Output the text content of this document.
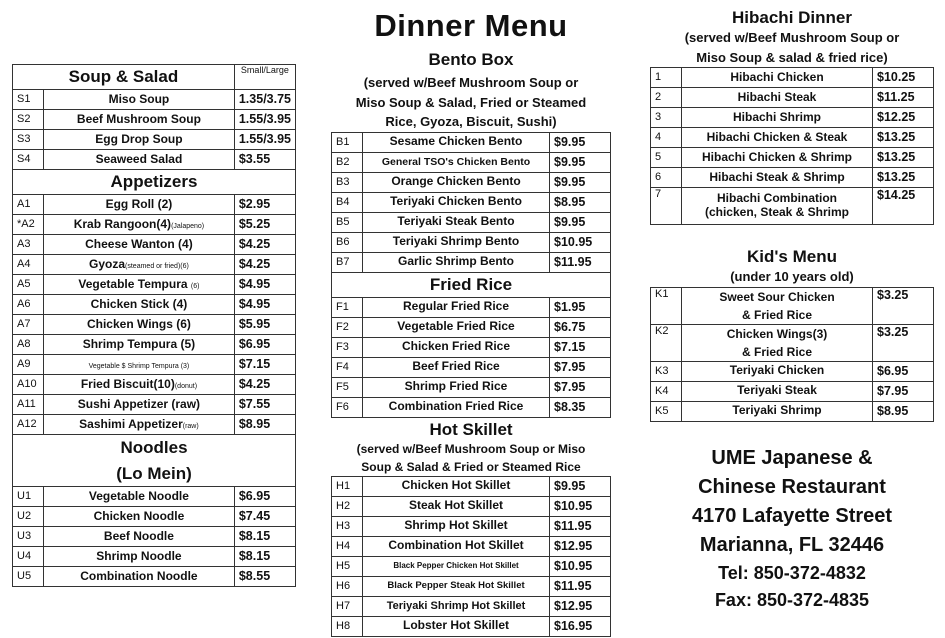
Soup & Salad		Small/Large
S1	Miso Soup	1.35/3.75
S2	Beef Mushroom Soup	1.55/3.95
S3	Egg Drop Soup	1.55/3.95
S4	Seaweed Salad	$3.55
Appetizers		
A1	Egg Roll (2)	$2.95
*A2	Krab Rangoon(4)(Jalapeno)	$5.25
A3	Cheese Wanton (4)	$4.25
A4	Gyoza(steamed or fried)(6)	$4.25
A5	Vegetable Tempura (6)	$4.95
A6	Chicken Stick (4)	$4.95
A7	Chicken Wings (6)	$5.95
A8	Shrimp Tempura (5)	$6.95
A9	Vegetable $ Shrimp Tempura (3)	$7.15
A10	Fried Biscuit(10)(donut)	$4.25
A11	Sushi Appetizer (raw)	$7.55
A12	Sashimi Appetizer(raw)	$8.95
Noodles
(Lo Mein)		
U1	Vegetable Noodle	$6.95
U2	Chicken Noodle	$7.45
U3	Beef Noodle	$8.15
U4	Shrimp Noodle	$8.15
U5	Combination Noodle	$8.55
Dinner Menu
Bento Box
(served w/Beef Mushroom Soup or
Miso Soup & Salad, Fried or Steamed
Rice, Gyoza, Biscuit, Sushi)
B1	Sesame Chicken Bento	$9.95
B2	General TSO's Chicken Bento	$9.95
B3	Orange Chicken Bento	$9.95
B4	Teriyaki Chicken Bento	$8.95
B5	Teriyaki Steak Bento	$9.95
B6	Teriyaki Shrimp Bento	$10.95
B7	Garlic Shrimp Bento	$11.95
Fried Rice		
F1	Regular Fried Rice	$1.95
F2	Vegetable Fried Rice	$6.75
F3	Chicken Fried Rice	$7.15
F4	Beef Fried Rice	$7.95
F5	Shrimp Fried Rice	$7.95
F6	Combination Fried Rice	$8.35
Hot Skillet
(served w/Beef Mushroom Soup or Miso
Soup & Salad & Fried or Steamed Rice
H1	Chicken Hot Skillet	$9.95
H2	Steak Hot Skillet	$10.95
H3	Shrimp Hot Skillet	$11.95
H4	Combination Hot Skillet	$12.95
H5	Black Pepper Chicken Hot Skillet	$10.95
H6	Black Pepper Steak Hot Skillet	$11.95
H7	Teriyaki Shrimp Hot Skillet	$12.95
H8	Lobster Hot Skillet	$16.95
Hibachi Dinner
(served w/Beef Mushroom Soup or
Miso Soup & salad & fried rice)
1	Hibachi Chicken	$10.25
2	Hibachi Steak	$11.25
3	Hibachi Shrimp	$12.25
4	Hibachi Chicken & Steak	$13.25
5	Hibachi Chicken & Shrimp	$13.25
6	Hibachi Steak & Shrimp	$13.25
7	Hibachi Combination
(chicken, Steak & Shrimp	$14.25
Kid's Menu
(under 10 years old)
K1	Sweet Sour Chicken
& Fried Rice	$3.25
K2	Chicken Wings(3)
& Fried Rice	$3.25
K3	Teriyaki Chicken	$6.95
K4	Teriyaki Steak	$7.95
K5	Teriyaki Shrimp	$8.95
UME Japanese &
Chinese Restaurant
4170 Lafayette Street
Marianna, FL 32446
Tel: 850-372-4832
Fax: 850-372-4835
